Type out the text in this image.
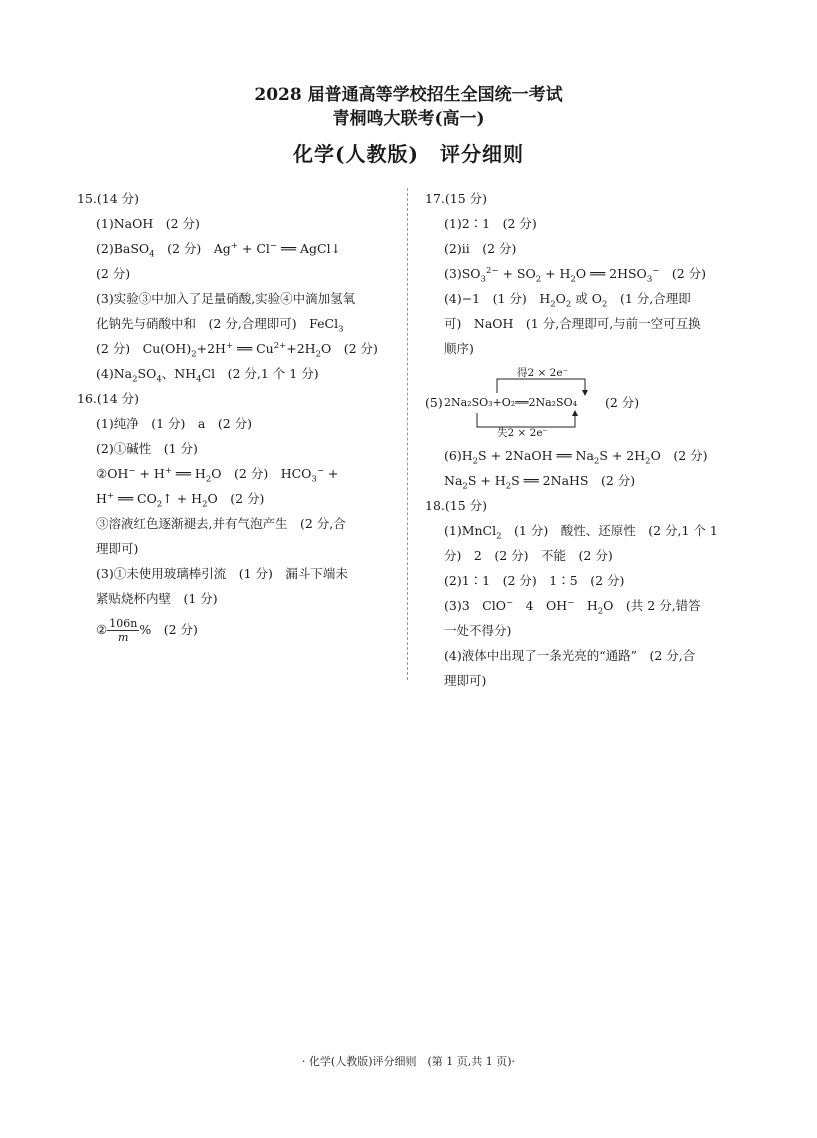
2028 届普通高等学校招生全国统一考试
青桐鸣大联考(高一)
化学(人教版)　评分细则
15.(14 分)
(1)NaOH　(2 分)
(2)BaSO$_4$　(2 分)　Ag+ + Cl− ══ AgCl↓
(2 分)
(3)实验③中加入了足量硝酸,实验④中滴加氢氧
化钠先与硝酸中和　(2 分,合理即可)　FeCl$_3$
(2 分)　$Cu(OH)_2+2H^+$ ══ $Cu^{2+}+2H_2O$　(2 分)
$(4)Na_2SO_4$、$NH_4Cl$　(2 分,1 个 1 分)
16.(14 分)
(1)纯净　(1 分)　a　(2 分)
(2)①碱性　(1 分)
②OH− + H+ ══ $H_2O$　(2 分)　$HCO_3^-$ +
H+ ══ $CO_2↑ + H_2O$　(2 分)
③溶液红色逐渐褪去,并有气泡产生　(2 分,合
理即可)
(3)①未使用玻璃棒引流　(1 分)　漏斗下端未
紧贴烧杯内壁　(1 分)
② $\frac{106n}{m}$ %　(2 分)
17.(15 分)
(1)2∶1　(2 分)
(2)ii　(2 分)
$(3)SO_3^{2-} + SO_2 + H_2O$ ══ $2HSO_3^-$　(2 分)
(4)−1　(1 分)　$H_2O_2$ 或 $O_2$　(1 分,合理即
可)　NaOH　(1 分,合理即可,与前一空可互换
顺序)
得2 × 2e⁻
(5) 2Na₂SO₃+O₂══2Na₂SO₄ (2 分)
失2 × 2e⁻
$(6)H_2S$ + 2NaOH ══ $Na_2S + 2H_2O$　(2 分)
$Na_2S + H_2S$ ══ 2NaHS　(2 分)
18.(15 分)
(1)MnCl$_2$　(1 分)　酸性、还原性　(2 分,1 个 1
分)　2　(2 分)　不能　(2 分)
(2)1∶1　(2 分)　1∶5　(2 分)
(3)3　ClO−　4　OH−　$H_2O$　(共 2 分,错答
一处不得分)
(4)液体中出现了一条光亮的“通路”　(2 分,合
理即可)
· 化学(人教版)评分细则　(第 1 页,共 1 页)·
